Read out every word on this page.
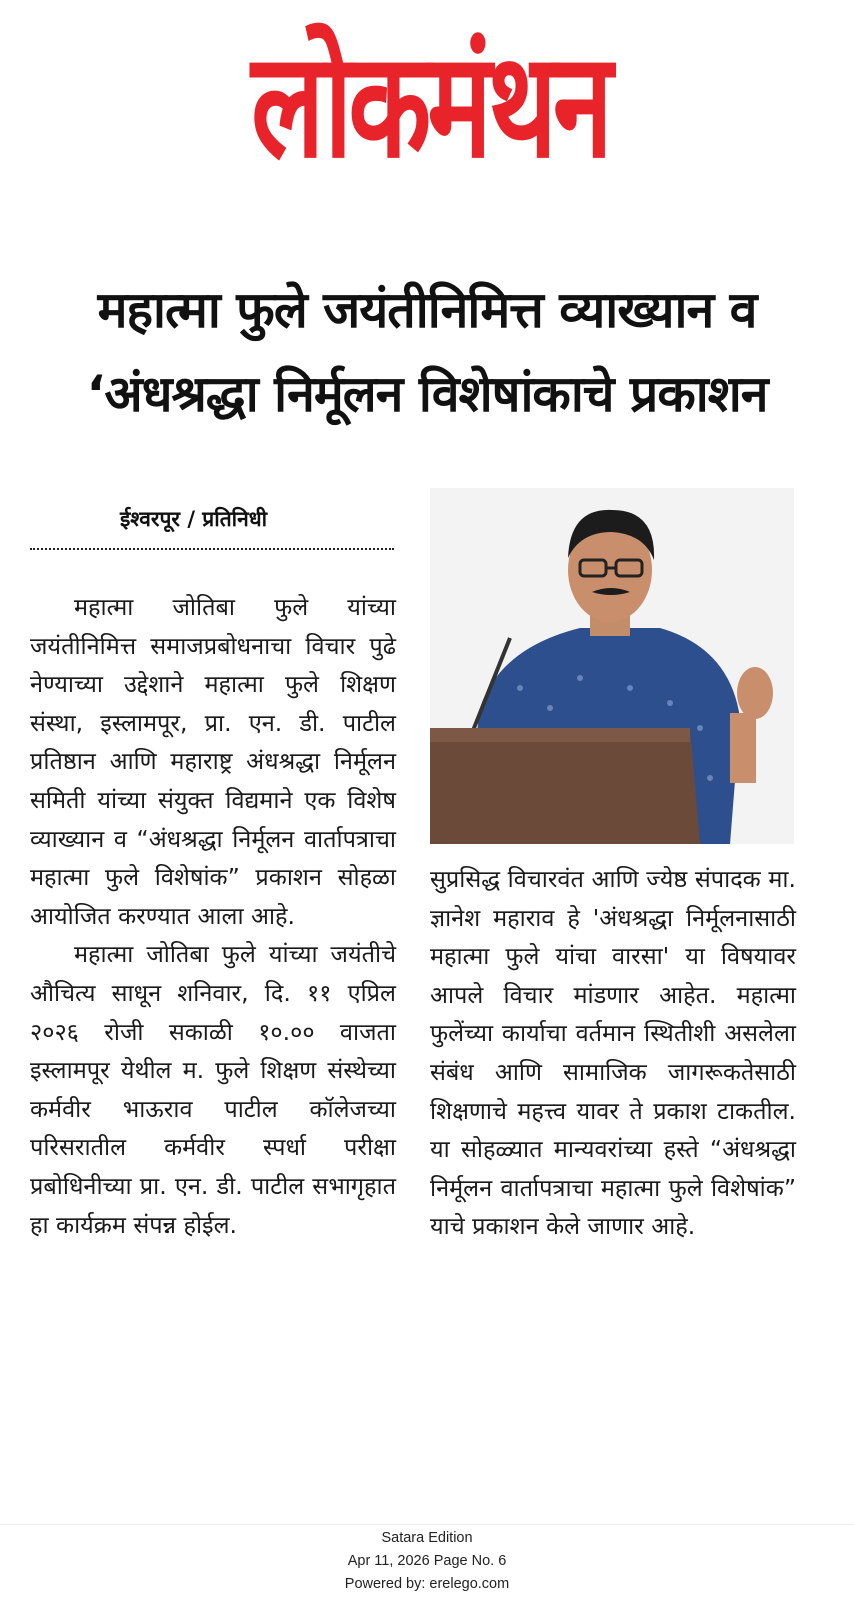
लोकमंथन
महात्मा फुले जयंतीनिमित्त व्याख्यान व
‘अंधश्रद्धा निर्मूलन विशेषांकाचे प्रकाशन
ईश्वरपूर / प्रतिनिधी

महात्मा जोतिबा फुले यांच्या जयंतीनिमित्त समाजप्रबोधनाचा विचार पुढे नेण्याच्या उद्देशाने महात्मा फुले शिक्षण संस्था, इस्लामपूर, प्रा. एन. डी. पाटील प्रतिष्ठान आणि महाराष्ट्र अंधश्रद्धा निर्मूलन समिती यांच्या संयुक्त विद्यमाने एक विशेष व्याख्यान व “अंधश्रद्धा निर्मूलन वार्तापत्राचा महात्मा फुले विशेषांक” प्रकाशन सोहळा आयोजित करण्यात आला आहे.

महात्मा जोतिबा फुले यांच्या जयंतीचे औचित्य साधून शनिवार, दि. ११ एप्रिल २०२६ रोजी सकाळी १०.०० वाजता इस्लामपूर येथील म. फुले शिक्षण संस्थेच्या कर्मवीर भाऊराव पाटील कॉलेजच्या परिसरातील कर्मवीर स्पर्धा परीक्षा प्रबोधिनीच्या प्रा. एन. डी. पाटील सभागृहात हा कार्यक्रम संपन्न होईल.

सुप्रसिद्ध विचारवंत आणि ज्येष्ठ संपादक मा. ज्ञानेश महाराव हे 'अंधश्रद्धा निर्मूलनासाठी महात्मा फुले यांचा वारसा' या विषयावर आपले विचार मांडणार आहेत. महात्मा फुलेंच्या कार्याचा वर्तमान स्थितीशी असलेला संबंध आणि सामाजिक जागरूकतेसाठी शिक्षणाचे महत्त्व यावर ते प्रकाश टाकतील. या सोहळ्यात मान्यवरांच्या हस्ते “अंधश्रद्धा निर्मूलन वार्तापत्राचा महात्मा फुले विशेषांक” याचे प्रकाशन केले जाणार आहे.

Satara Edition
Apr 11, 2026 Page No. 6
Powered by: erelego.com
